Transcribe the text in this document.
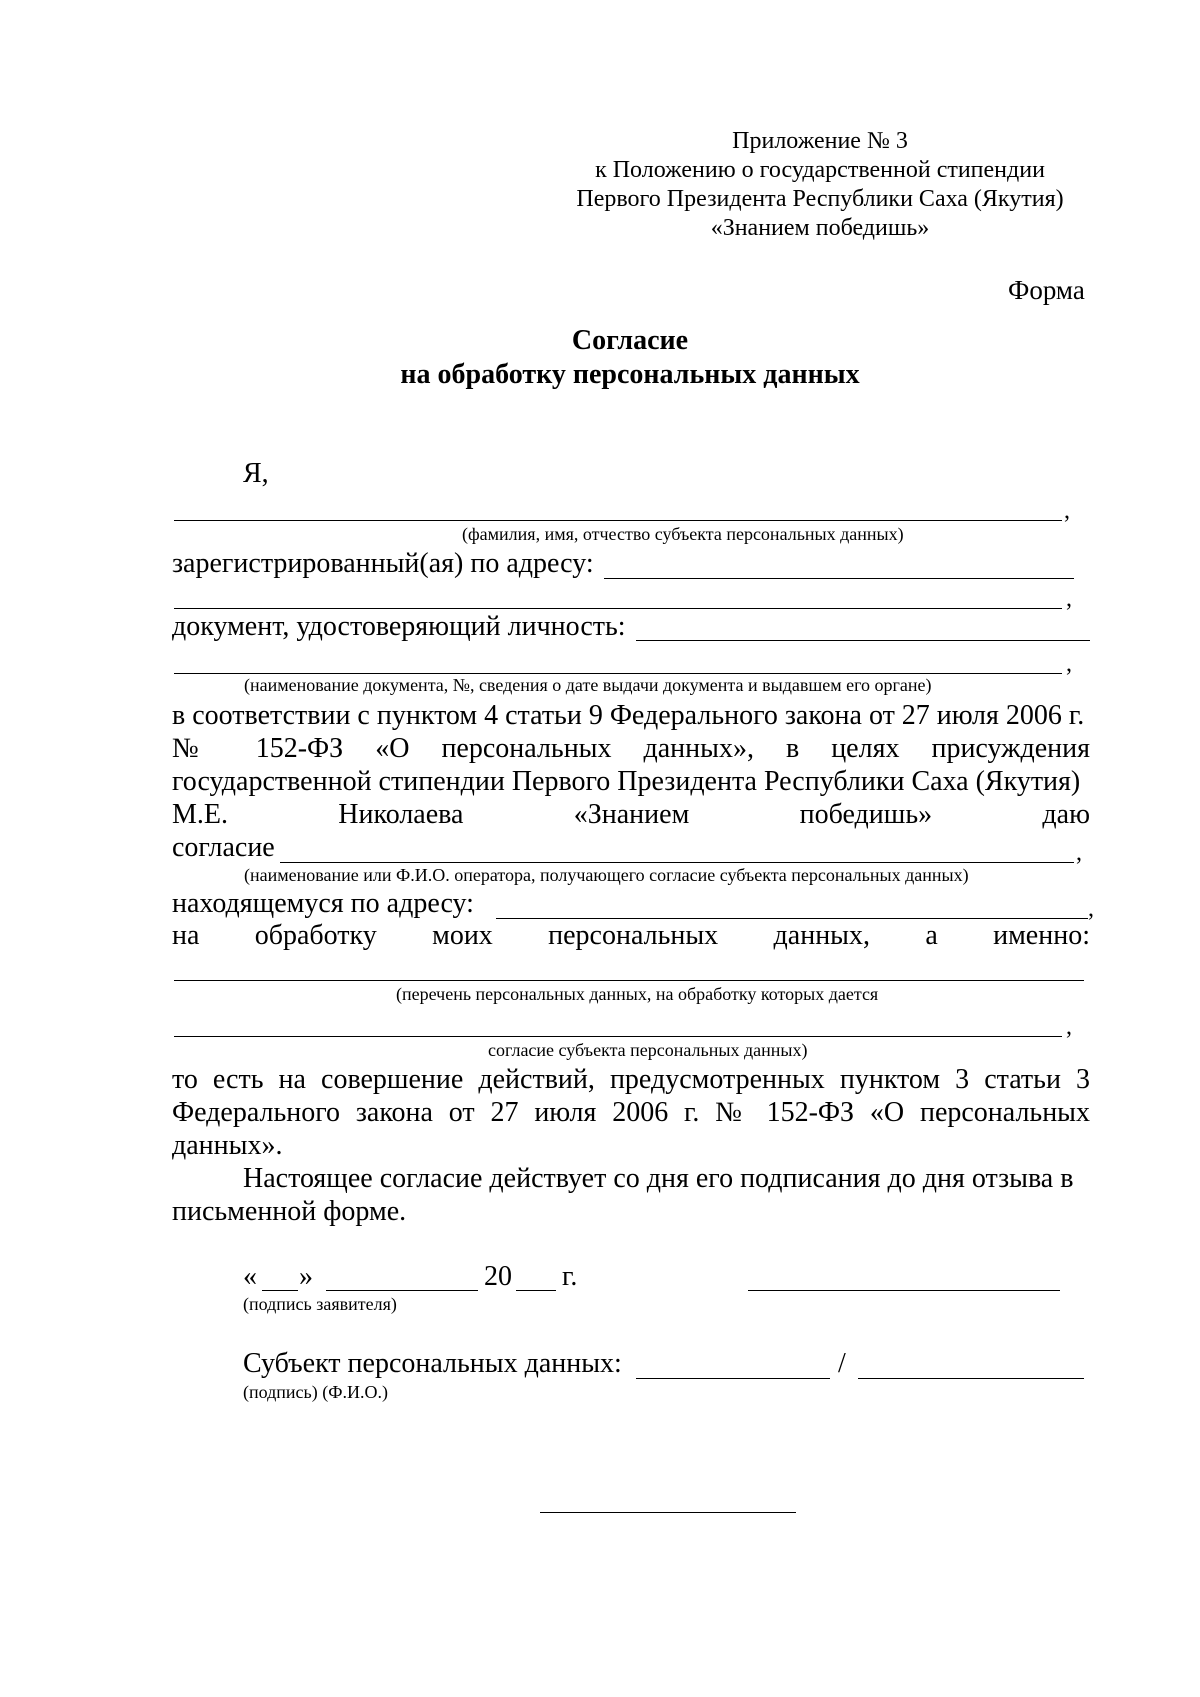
Приложение № 3
к Положению о государственной стипендии
Первого Президента Республики Саха (Якутия)
«Знанием победишь»
Форма
Согласие
на обработку персональных данных
Я,
,
(фамилия, имя, отчество субъекта персональных данных)
зарегистрированный(ая) по адресу:
,
документ, удостоверяющий личность:
,
(наименование документа, №, сведения о дате выдачи документа и выдавшем его органе)
в соответствии с пунктом 4 статьи 9 Федерального закона от 27 июля 2006 г.
№ 152-ФЗ «О персональных данных», в целях присуждения
государственной стипендии Первого Президента Республики Саха (Якутия)
М.Е. Николаева «Знанием победишь» даю
согласие	,
(наименование или Ф.И.О. оператора, получающего согласие субъекта персональных данных)
находящемуся по адресу:	,
на обработку моих персональных данных, а именно:
(перечень персональных данных, на обработку которых дается
,
согласие субъекта персональных данных)
то есть на совершение действий, предусмотренных пунктом 3 статьи 3
Федерального закона от 27 июля 2006 г. № 152-ФЗ «О персональных
данных».
Настоящее согласие действует со дня его подписания до дня отзыва в
письменной форме.
« »	20 г.
(подпись заявителя)
Субъект персональных данных:	/
(подпись) (Ф.И.О.)
